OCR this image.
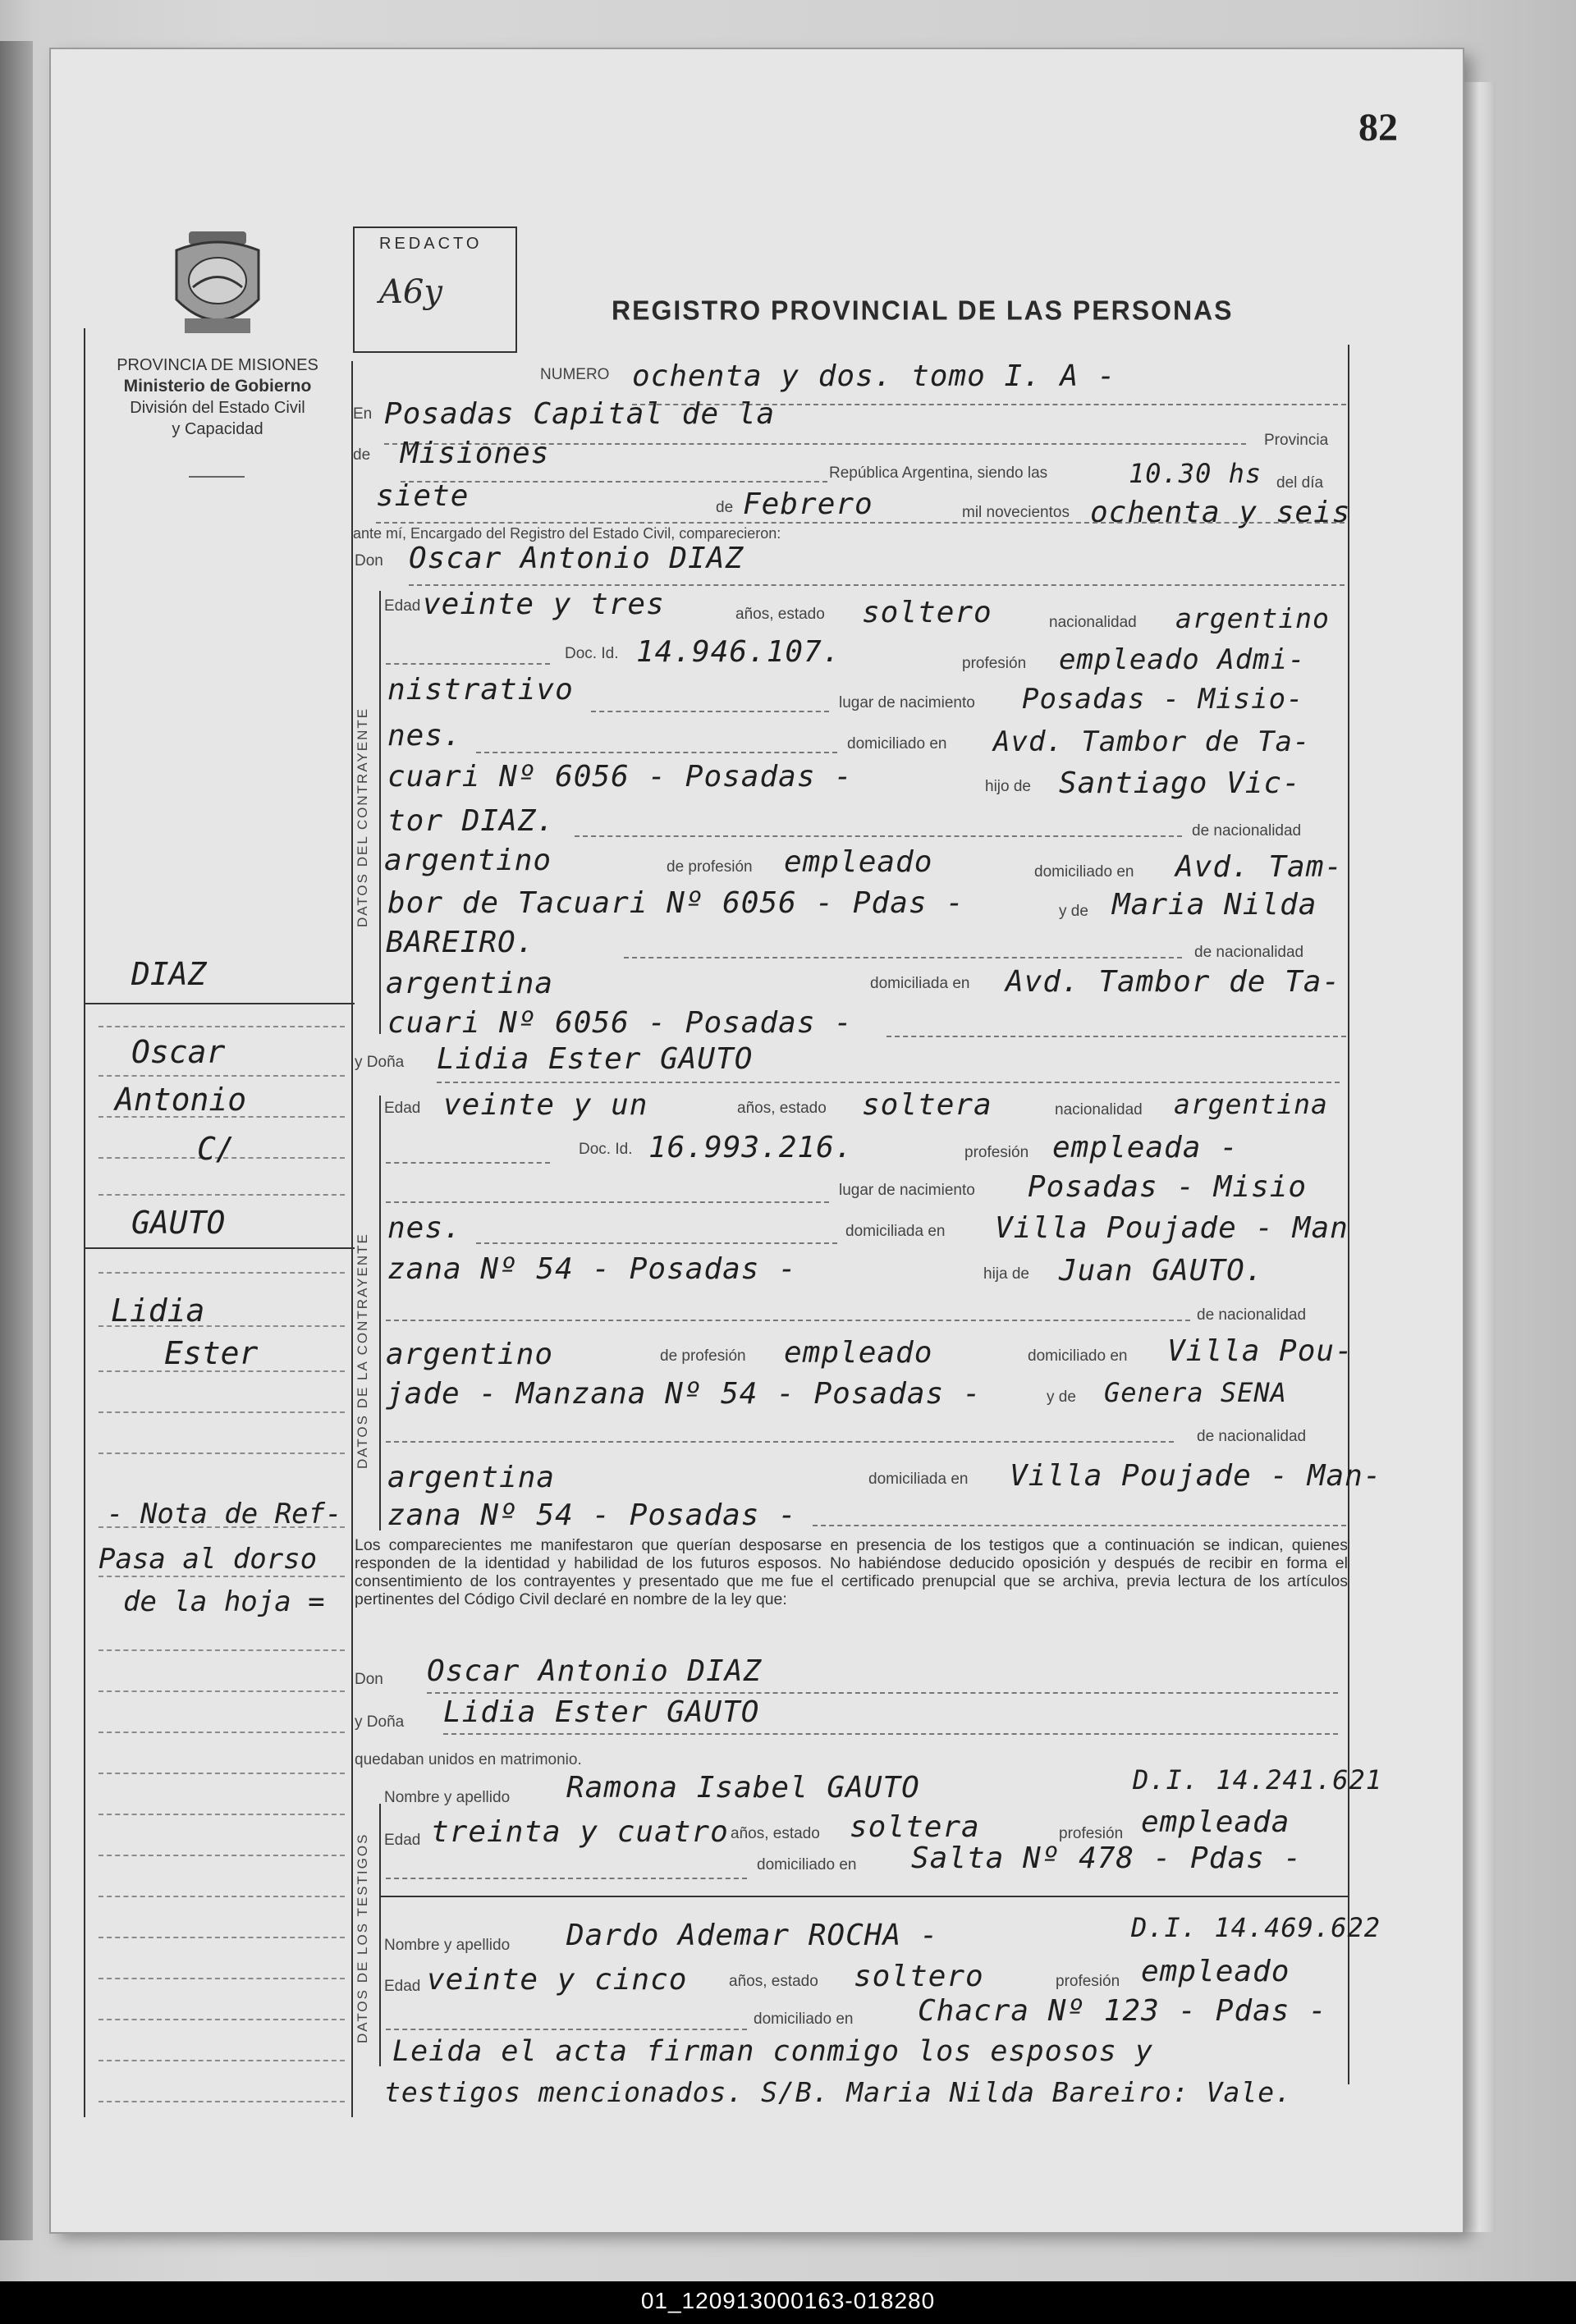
82
PROVINCIA DE MISIONES
Ministerio de Gobierno
División del Estado Civil
y Capacidad
REDACTO
A6y	REGISTRO PROVINCIAL DE LAS PERSONAS
DIAZ
Oscar
Antonio
C/
GAUTO
Lidia
Ester
- Nota de Ref-
Pasa al dorso
de la hoja =
NUMERO ochenta y dos. tomo I. A -
En Posadas Capital de la
Provincia
de Misiones
República Argentina, siendo las	10.30 hs del día
siete	de Febrero	mil novecientos ochenta y seis
ante mí, Encargado del Registro del Estado Civil, comparecieron:
Don Oscar Antonio DIAZ
DATOS DEL CONTRAYENTE
Edad veinte y tres	años, estado soltero	nacionalidad argentino
Doc. Id. 14.946.107.	profesión empleado Admi-
nistrativo	lugar de nacimiento Posadas - Misio-
nes.	domiciliado en Avd. Tambor de Ta-
cuari Nº 6056 - Posadas -	hijo de Santiago Vic-
tor DIAZ.	de nacionalidad
argentino	de profesión empleado	domiciliado en Avd. Tam-
bor de Tacuari Nº 6056 - Pdas -	y de Maria Nilda
BAREIRO.	de nacionalidad
argentina	domiciliada en Avd. Tambor de Ta-
cuari Nº 6056 - Posadas -
y Doña Lidia Ester GAUTO
DATOS DE LA CONTRAYENTE
Edad veinte y un	años, estado soltera	nacionalidad argentina
Doc. Id. 16.993.216.	profesión empleada -
lugar de nacimiento Posadas - Misio
nes.	domiciliada en Villa Poujade - Man
zana Nº 54 - Posadas -	hija de Juan GAUTO.
de nacionalidad
argentino	de profesión empleado	domiciliado en Villa Pou-
jade - Manzana Nº 54 - Posadas -	y de Genera SENA
de nacionalidad
argentina	domiciliada en Villa Poujade - Man-
zana Nº 54 - Posadas -
Los comparecientes me manifestaron que querían desposarse en presencia de los testigos que a continuación se indican, quienes responden de la identidad y habilidad de los futuros esposos. No habiéndose deducido oposición y después de recibir en forma el consentimiento de los contrayentes y presentado que me fue el certificado prenupcial que se archiva, previa lectura de los artículos pertinentes del Código Civil declaré en nombre de la ley que:
Don Oscar Antonio DIAZ
y Doña Lidia Ester GAUTO
quedaban unidos en matrimonio.
DATOS DE LOS TESTIGOS
Nombre y apellido Ramona Isabel GAUTO	D.I. 14.241.621
Edad treinta y cuatro años, estado soltera	profesión empleada
domiciliado en Salta Nº 478 - Pdas -
Nombre y apellido Dardo Ademar ROCHA -	D.I. 14.469.622
Edad veinte y cinco	años, estado soltero	profesión empleado
domiciliado en Chacra Nº 123 - Pdas -
Leida el acta firman conmigo los esposos y
testigos mencionados. S/B. Maria Nilda Bareiro: Vale.
01_120913000163-018280
